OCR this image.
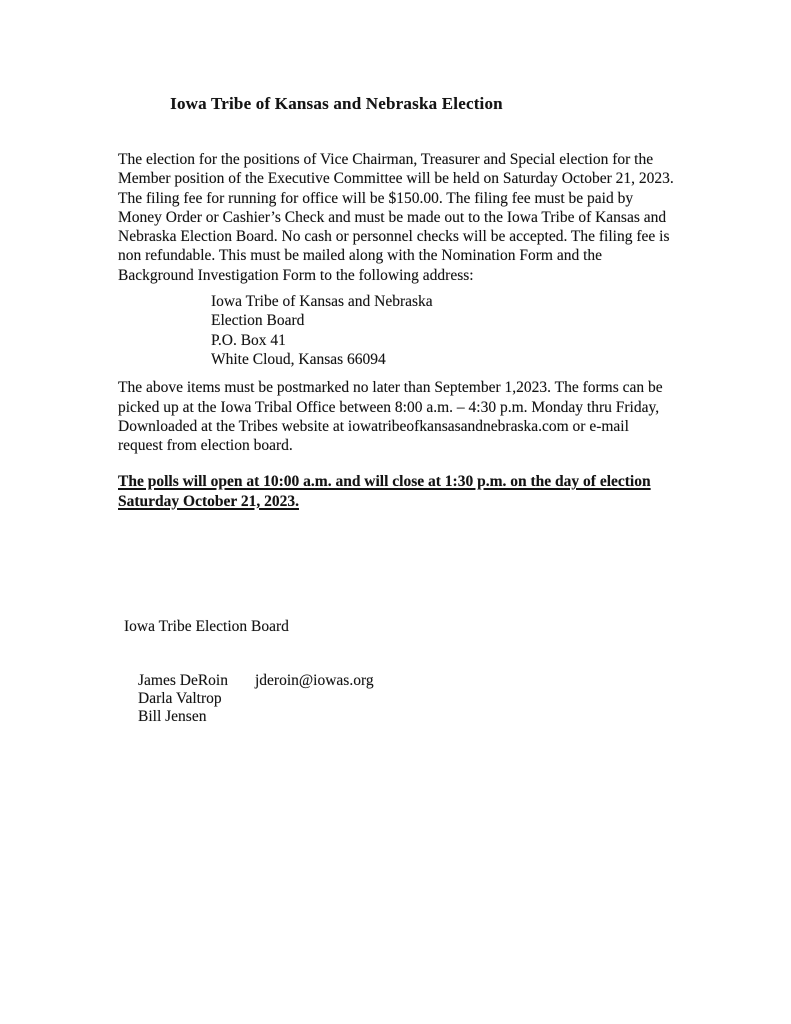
Iowa Tribe of Kansas and Nebraska Election
The election for the positions of Vice Chairman, Treasurer and Special election for the
Member position of the Executive Committee will be held on Saturday October 21, 2023.
The filing fee for running for office will be $150.00. The filing fee must be paid by
Money Order or Cashier’s Check and must be made out to the Iowa Tribe of Kansas and
Nebraska Election Board. No cash or personnel checks will be accepted. The filing fee is
non refundable. This must be mailed along with the Nomination Form and the
Background Investigation Form to the following address:
Iowa Tribe of Kansas and Nebraska
Election Board
P.O. Box 41
White Cloud, Kansas 66094
The above items must be postmarked no later than September 1,2023. The forms can be
picked up at the Iowa Tribal Office between 8:00 a.m. – 4:30 p.m. Monday thru Friday,
Downloaded at the Tribes website at iowatribeofkansasandnebraska.com or e-mail
request from election board.
The polls will open at 10:00 a.m. and will close at 1:30 p.m. on the day of election
Saturday October 21, 2023.
Iowa Tribe Election Board
James DeRoin jderoin@iowas.org
Darla Valtrop
Bill Jensen
